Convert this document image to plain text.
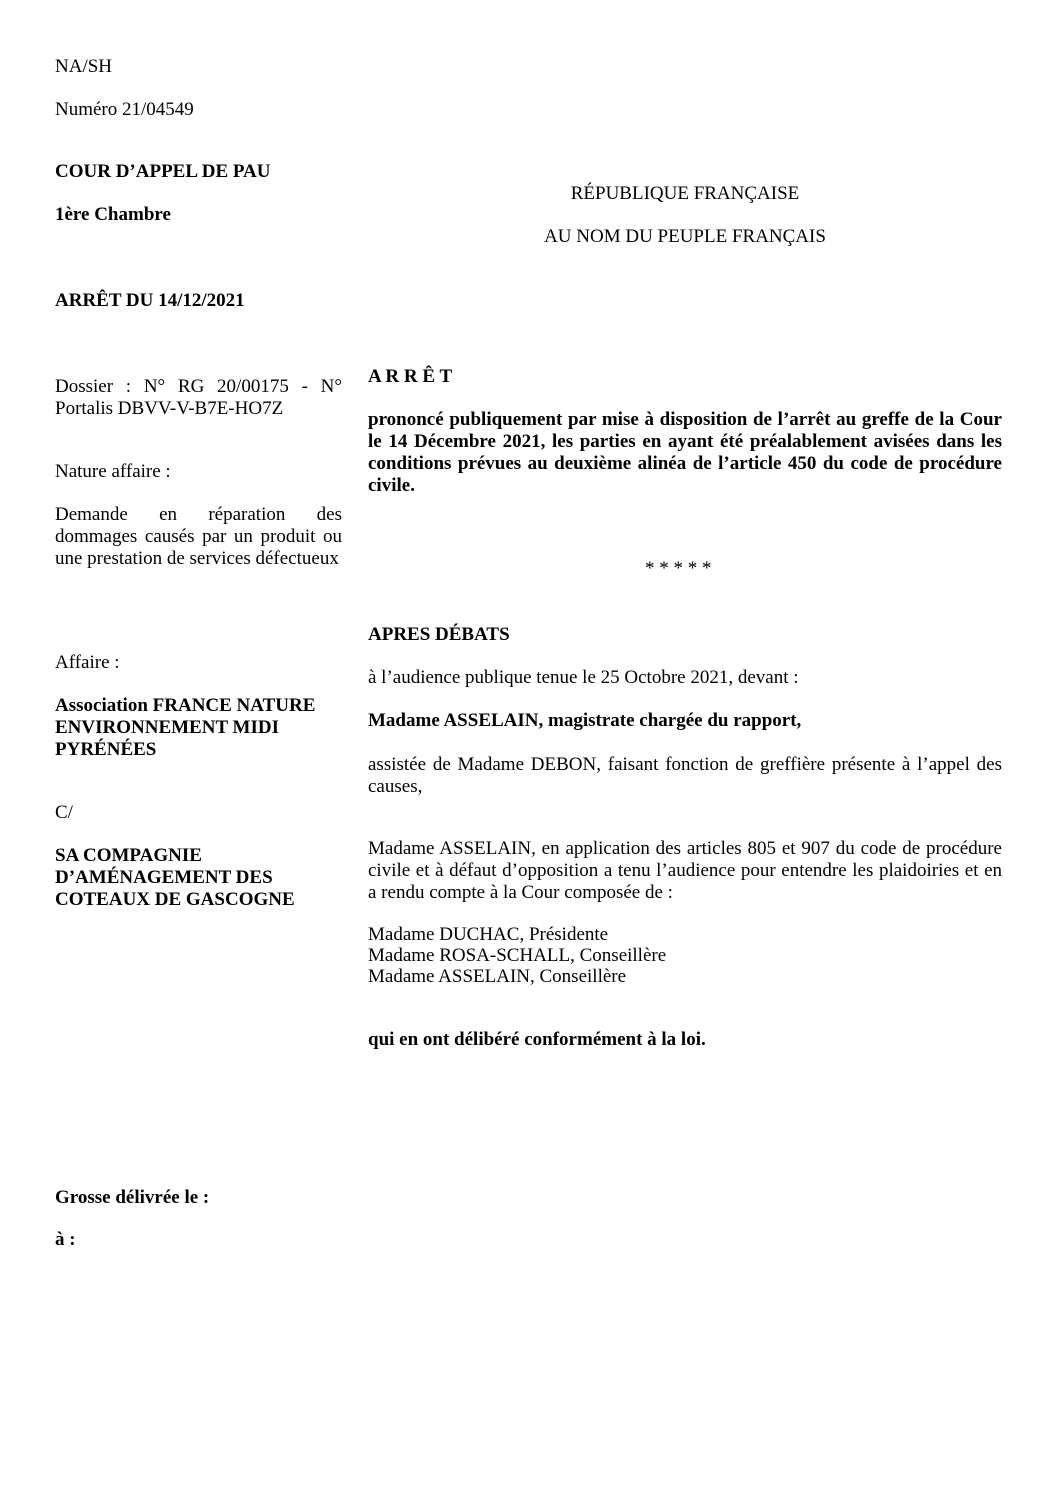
NA/SH
Numéro 21/04549
COUR D’APPEL DE PAU
1ère Chambre
RÉPUBLIQUE FRANÇAISE
AU NOM DU PEUPLE FRANÇAIS
ARRÊT DU 14/12/2021
Dossier : N° RG 20/00175 - N° Portalis DBVV-V-B7E-HO7Z
Nature affaire :
Demande en réparation des dommages causés par un produit ou une prestation de services défectueux
Affaire :
Association FRANCE NATURE ENVIRONNEMENT MIDI PYRÉNÉES
C/
SA COMPAGNIE D’AMÉNAGEMENT DES COTEAUX DE GASCOGNE
Grosse délivrée le :
à :
A R R Ê T
prononcé publiquement par mise à disposition de l’arrêt au greffe de la Cour le 14 Décembre 2021, les parties en ayant été préalablement avisées dans les conditions prévues au deuxième alinéa de l’article 450 du code de procédure civile.
* * * * *
APRES DÉBATS
à l’audience publique tenue le 25 Octobre 2021, devant :
Madame ASSELAIN, magistrate chargée du rapport,
assistée de Madame DEBON, faisant fonction de greffière présente à l’appel des causes,
Madame ASSELAIN, en application des articles 805 et 907 du code de procédure civile et à défaut d’opposition a tenu l’audience pour entendre les plaidoiries et en a rendu compte à la Cour composée de :
Madame DUCHAC, Présidente
Madame ROSA-SCHALL, Conseillère
Madame ASSELAIN, Conseillère
qui en ont délibéré conformément à la loi.
